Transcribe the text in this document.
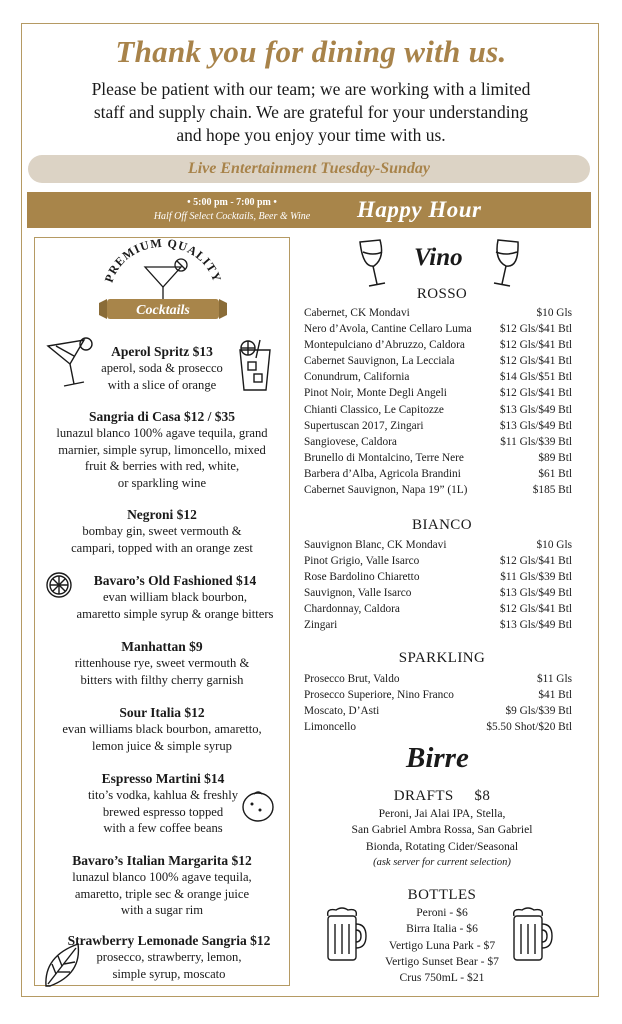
Thank you for dining with us.
Please be patient with our team; we are working with a limited
staff and supply chain. We are grateful for your understanding
and hope you enjoy your time with us.
Live Entertainment Tuesday-Sunday
• 5:00 pm - 7:00 pm •
Half Off Select Cocktails, Beer & Wine	Happy Hour
PREMIUM QUALITY
Cocktails
Aperol Spritz $13
aperol, soda & prosecco
with a slice of orange
Sangria di Casa $12 / $35
lunazul blanco 100% agave tequila, grand
marnier, simple syrup, limoncello, mixed
fruit & berries with red, white,
or sparkling wine
Negroni $12
bombay gin, sweet vermouth &
campari, topped with an orange zest
Bavaro’s Old Fashioned $14
evan william black bourbon,
amaretto simple syrup & orange bitters
Manhattan $9
rittenhouse rye, sweet vermouth &
bitters with filthy cherry garnish
Sour Italia $12
evan williams black bourbon, amaretto,
lemon juice & simple syrup
Espresso Martini $14
tito’s vodka, kahlua & freshly
brewed espresso topped
with a few coffee beans
Bavaro’s Italian Margarita $12
lunazul blanco 100% agave tequila,
amaretto, triple sec & orange juice
with a sugar rim
Strawberry Lemonade Sangria $12
prosecco, strawberry, lemon,
simple syrup, moscato
Vino
ROSSO
Cabernet, CK Mondavi	$10 Gls
Nero d’Avola, Cantine Cellaro Luma $12 Gls/$41 Btl
Montepulciano d’Abruzzo, Caldora	$12 Gls/$41 Btl
Cabernet Sauvignon, La Lecciala	$12 Gls/$41 Btl
Conundrum, California	$14 Gls/$51 Btl
Pinot Noir, Monte Degli Angeli	$12 Gls/$41 Btl
Chianti Classico, Le Capitozze	$13 Gls/$49 Btl
Supertuscan 2017, Zingari	$13 Gls/$49 Btl
Sangiovese, Caldora	$11 Gls/$39 Btl
Brunello di Montalcino, Terre Nere	$89 Btl
Barbera d’Alba, Agricola Brandini	$61 Btl
Cabernet Sauvignon, Napa 19” (1L)	$185 Btl
BIANCO
Sauvignon Blanc, CK Mondavi	$10 Gls
Pinot Grigio, Valle Isarco	$12 Gls/$41 Btl
Rose Bardolino Chiaretto	$11 Gls/$39 Btl
Sauvignon, Valle Isarco	$13 Gls/$49 Btl
Chardonnay, Caldora	$12 Gls/$41 Btl
Zingari	$13 Gls/$49 Btl
SPARKLING
Prosecco Brut, Valdo	$11 Gls
Prosecco Superiore, Nino Franco	$41 Btl
Moscato, D’Asti	$9 Gls/$39 Btl
Limoncello	$5.50 Shot/$20 Btl
Birre
DRAFTS $8
Peroni, Jai Alai IPA, Stella,
San Gabriel Ambra Rossa, San Gabriel
Bionda, Rotating Cider/Seasonal
(ask server for current selection)
BOTTLES
Peroni - $6
Birra Italia - $6
Vertigo Luna Park - $7
Vertigo Sunset Bear - $7
Crus 750mL - $21
